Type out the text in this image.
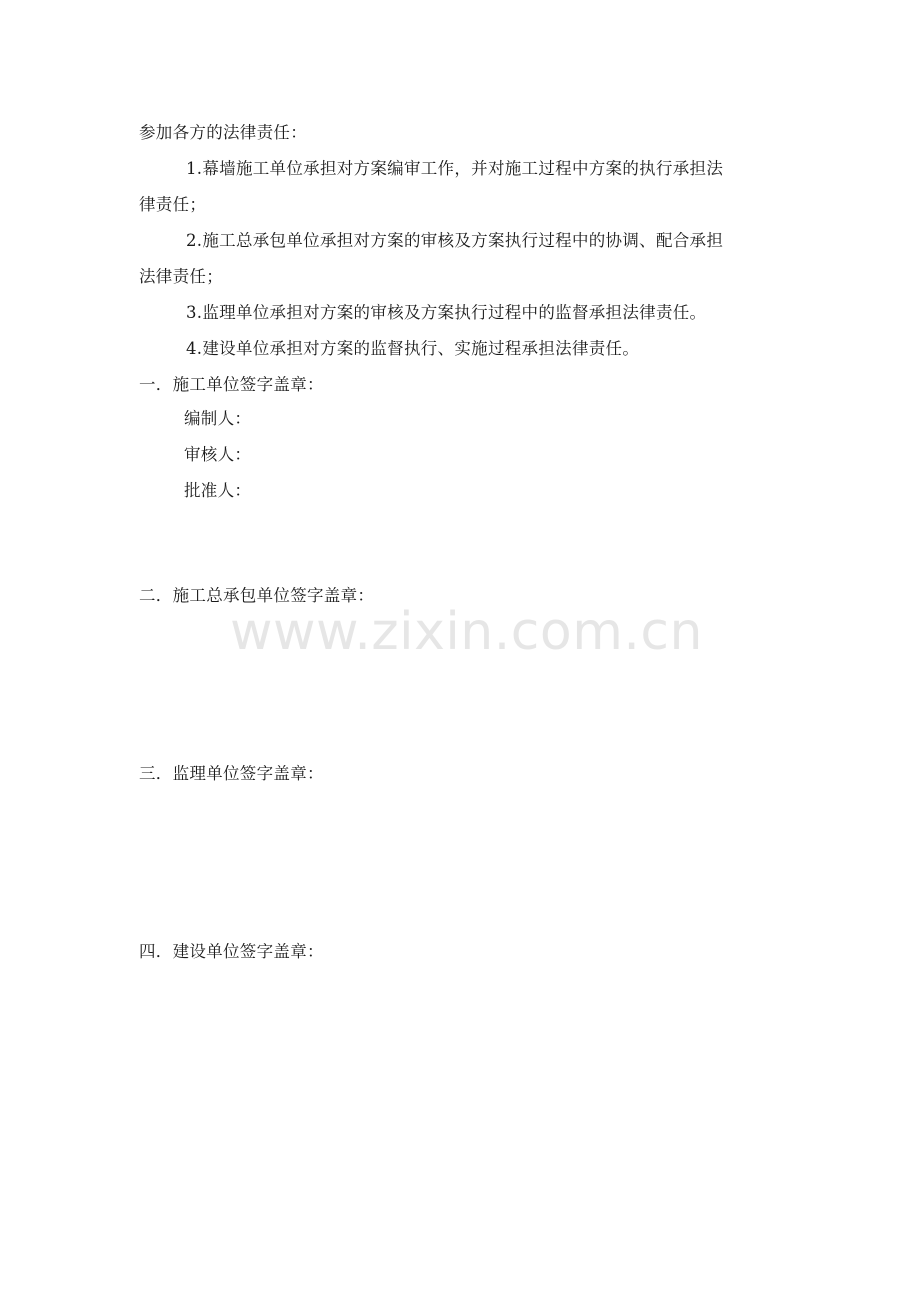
参加各方的法律责任：
1.幕墙施工单位承担对方案编审工作，并对施工过程中方案的执行承担法
律责任；
2.施工总承包单位承担对方案的审核及方案执行过程中的协调、配合承担
法律责任；
3.监理单位承担对方案的审核及方案执行过程中的监督承担法律责任。
4.建设单位承担对方案的监督执行、实施过程承担法律责任。
一．施工单位签字盖章：
编制人：
审核人：
批准人：
二．施工总承包单位签字盖章：
三．监理单位签字盖章：
四．建设单位签字盖章：
www.zixin.com.cn
